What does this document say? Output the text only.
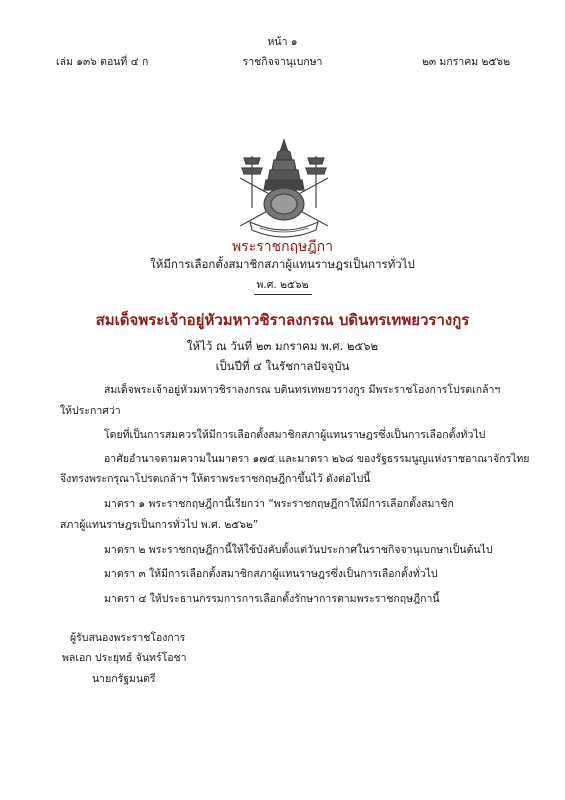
หน้า ๑
เล่ม ๑๓๖ ตอนที่ ๔ ก	ราชกิจจานุเบกษา	๒๓ มกราคม ๒๕๖๒
พระราชกฤษฎีกา
ให้มีการเลือกตั้งสมาชิกสภาผู้แทนราษฎรเป็นการทั่วไป
พ.ศ. ๒๕๖๒
สมเด็จพระเจ้าอยู่หัวมหาวชิราลงกรณ บดินทรเทพยวรางกูร
ให้ไว้ ณ วันที่ ๒๓ มกราคม พ.ศ. ๒๕๖๒
เป็นปีที่ ๔ ในรัชกาลปัจจุบัน
สมเด็จพระเจ้าอยู่หัวมหาวชิราลงกรณ บดินทรเทพยวรางกูร มีพระราชโองการโปรดเกล้าฯ
ให้ประกาศว่า
โดยที่เป็นการสมควรให้มีการเลือกตั้งสมาชิกสภาผู้แทนราษฎรซึ่งเป็นการเลือกตั้งทั่วไป
อาศัยอำนาจตามความในมาตรา ๑๗๕ และมาตรา ๒๖๘ ของรัฐธรรมนูญแห่งราชอาณาจักรไทย
จึงทรงพระกรุณาโปรดเกล้าฯ ให้ตราพระราชกฤษฎีกาขึ้นไว้ ดังต่อไปนี้
มาตรา ๑ พระราชกฤษฎีกานี้เรียกว่า “พระราชกฤษฎีกาให้มีการเลือกตั้งสมาชิก
สภาผู้แทนราษฎรเป็นการทั่วไป พ.ศ. ๒๕๖๒”
มาตรา ๒ พระราชกฤษฎีกานี้ให้ใช้บังคับตั้งแต่วันประกาศในราชกิจจานุเบกษาเป็นต้นไป
มาตรา ๓ ให้มีการเลือกตั้งสมาชิกสภาผู้แทนราษฎรซึ่งเป็นการเลือกตั้งทั่วไป
มาตรา ๔ ให้ประธานกรรมการการเลือกตั้งรักษาการตามพระราชกฤษฎีกานี้
ผู้รับสนองพระราชโองการ
พลเอก ประยุทธ์ จันทร์โอชา
นายกรัฐมนตรี
